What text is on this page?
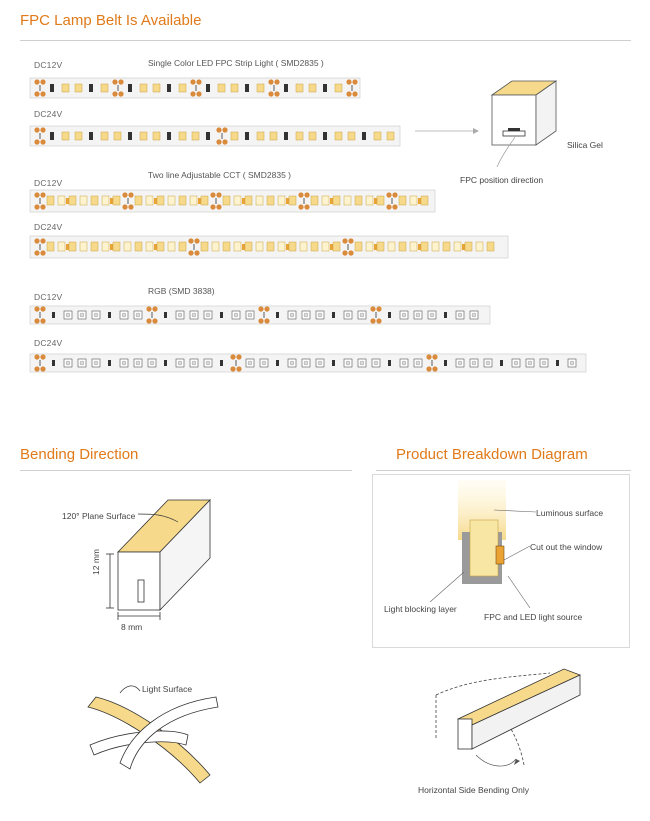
FPC Lamp Belt Is Available
DC12V	Single Color LED FPC Strip Light ( SMD2835 )
DC24V
Silica Gel
FPC position direction
DC12V
Two line Adjustable CCT ( SMD2835 )
DC24V
DC12V
RGB (SMD 3838)
DC24V
Bending Direction
120° Plane Surface
12 mm
8 mm
Light Surface
Product Breakdown Diagram
Luminous surface
Cut out the window
Light blocking layer
FPC and LED light source
Horizontal Side Bending Only
